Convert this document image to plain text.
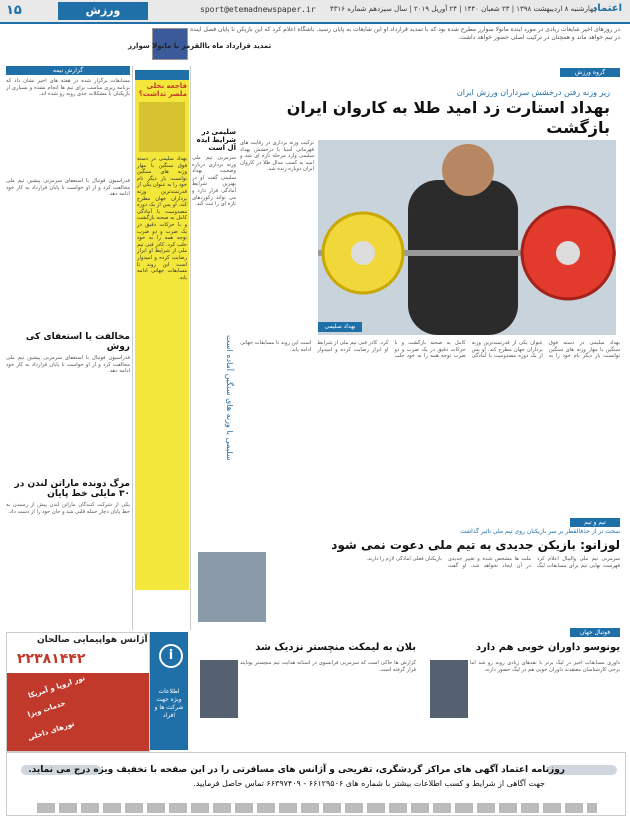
۱۵	ورزش	sport@etemadnewspaper.ir چهارشنبه ۸ اردیبهشت ۱۳۹۸ | ۲۳ شعبان ۱۴۴۰ | ۲۴ آوریل ۲۰۱۹ | سال سیزدهم شماره ۴۳۱۶
اعتماد
تمدید قرارداد ماه باالقرمز با مانولا سوارز
در روزهای اخیر شایعات زیادی در مورد آینده مانولا سوارز مطرح شده بود که با تمدید قرارداد او این شایعات به پایان رسید. باشگاه اعلام کرد که این بازیکن تا پایان فصل آینده در تیم خواهد ماند و همچنان در ترکیب اصلی حضور خواهد داشت.
گزارش نیمه
مسابقات برگزار شده در هفته های اخیر نشان داد که برنامه ریزی مناسب برای تیم ها انجام نشده و بسیاری از بازیکنان با مشکلات جدی روبه رو شده اند.
فدراسیون فوتبال با استعفای سرمربی پیشین تیم ملی مخالفت کرد و از او خواست تا پایان قرارداد به کار خود ادامه دهد.
مخالفت با استعفای کی روش
فدراسیون فوتبال با استعفای سرمربی پیشین تیم ملی مخالفت کرد و از او خواست تا پایان قرارداد به کار خود ادامه دهد.
مرگ دونده ماراتن لندن در ۳۰ مایلی خط پایان
یکی از شرکت کنندگان ماراتن لندن پیش از رسیدن به خط پایان دچار حمله قلبی شد و جان خود را از دست داد.
فاجعه نخلی ملصر تداشت؟
بهداد سلیمی در دسته فوق سنگین با مهار وزنه های سنگین توانست بار دیگر نام خود را به عنوان یکی از قدرتمندترین وزنه برداران جهان مطرح کند. او پس از یک دوره مصدومیت با آمادگی کامل به صحنه بازگشت و با حرکات دقیق در یک ضرب و دو ضرب توجه همه را به خود جلب کرد. کادر فنی تیم ملی از شرایط او ابراز رضایت کرده و امیدوار است این روند تا مسابقات جهانی ادامه یابد.
سلیمی در شرایط ایده آل است
سرمربی تیم ملی وزنه برداری درباره وضعیت بهداد سلیمی گفت او در بهترین شرایط آمادگی قرار دارد و می تواند رکوردهای تازه ای را ثبت کند.
سلیمی با وزنه های سنگین آماده است
گروه ورزش
زیر وزنه رفتن درخشش سرداران ورزش ایران
بهداد استارت زد امید طلا به کاروان ایران بازگشت
ترکیب وزنه برداری در رقابت های قهرمانی آسیا با درخشش بهداد سلیمی وارد مرحله تازه ای شد و امید به کسب مدال طلا در کاروان ایران دوباره زنده شد.
بهداد سلیمی
بهداد سلیمی در دسته فوق سنگین با مهار وزنه های سنگین توانست بار دیگر نام خود را به عنوان یکی از قدرتمندترین وزنه برداران جهان مطرح کند. او پس از یک دوره مصدومیت با آمادگی کامل به صحنه بازگشت و با حرکات دقیق در یک ضرب و دو ضرب توجه همه را به خود جلب کرد. کادر فنی تیم ملی از شرایط او ابراز رضایت کرده و امیدوار است این روند تا مسابقات جهانی ادامه یابد.
تیم و تیم
سخت تر از حذفالفطر بر سر بازیکنان روی تیم ملی تاثیر گذاشت
لوزانو: بازیکن جدیدی به تیم ملی دعوت نمی شود
سرمربی تیم ملی والیبال اعلام کرد فهرست نهایی تیم برای مسابقات لیگ ملت ها مشخص شده و تغییر جدیدی در آن ایجاد نخواهد شد. او گفت بازیکنان فعلی آمادگی لازم را دارند.
فوتبال جهان
یونوسو داوران خوبی هم دارد
داوری مسابقات اخیر در لیگ برتر با نقدهای زیادی روبه رو شد اما برخی کارشناسان معتقدند داوران خوبی هم در لیگ حضور دارند.
بلان به لیمکت منچستر نزدیک شد
گزارش ها حاکی است که سرمربی فرانسوی در آستانه هدایت تیم منچستر یونایتد قرار گرفته است.
آژانس هواپیمایی صالحان
۲۲۳۸۱۴۴۲
تور اروپا و آمریکا
خدمات ویزا
تورهای داخلی
i
اطلاعات ویژه جهت شرکت ها و افراد
روزنامه اعتماد آگهی های مراکز گردشگری، تفریحی و آژانس های مسافرتی را در این صفحه با تخفیف ویژه درج می نماید.
جهت آگاهی از شرایط و کسب اطلاعات بیشتر با شماره های ۶۶۱۲۹۵۰۶ - ۶۶۳۹۷۴۰۹ تماس حاصل فرمایید.
